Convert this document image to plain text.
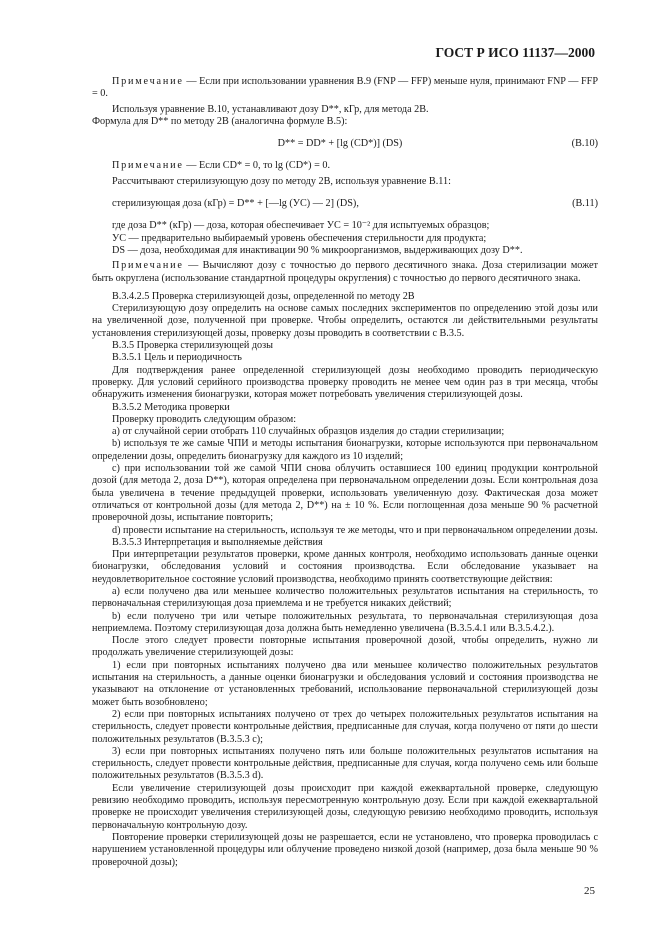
ГОСТ Р ИСО 11137—2000

Примечание — Если при использовании уравнения B.9 (FNP — FFP) меньше нуля, принимают FNP — FFP = 0.

Используя уравнение B.10, устанавливают дозу D**, кГр, для метода 2B.

Формула для D** по методу 2B (аналогична формуле B.5):

D** = DD* + [lg (CD*)] (DS)	(B.10)

Примечание — Если CD* = 0, то lg (CD*) = 0.

Рассчитывают стерилизующую дозу по методу 2B, используя уравнение B.11:

стерилизующая доза (кГр) = D** + [—lg (УС) — 2] (DS),	(B.11)

где доза D** (кГр) — доза, которая обеспечивает УС = 10⁻² для испытуемых образцов;

УС — предварительно выбираемый уровень обеспечения стерильности для продукта;

DS — доза, необходимая для инактивации 90 % микроорганизмов, выдерживающих дозу D**.

Примечание — Вычисляют дозу с точностью до первого десятичного знака. Доза стерилизации может быть округлена (использование стандартной процедуры округления) с точностью до первого десятичного знака.

B.3.4.2.5 Проверка стерилизующей дозы, определенной по методу 2B

Стерилизующую дозу определить на основе самых последних экспериментов по определению этой дозы или на увеличенной дозе, полученной при проверке. Чтобы определить, остаются ли действительными результаты установления стерилизующей дозы, проверку дозы проводить в соответствии с B.3.5.

B.3.5 Проверка стерилизующей дозы

B.3.5.1 Цель и периодичность

Для подтверждения ранее определенной стерилизующей дозы необходимо проводить периодическую проверку. Для условий серийного производства проверку проводить не менее чем один раз в три месяца, чтобы обнаружить изменения бионагрузки, которая может потребовать увеличения стерилизующей дозы.

B.3.5.2 Методика проверки

Проверку проводить следующим образом:

a) от случайной серии отобрать 110 случайных образцов изделия до стадии стерилизации;

b) используя те же самые ЧПИ и методы испытания бионагрузки, которые используются при первоначальном определении дозы, определить бионагрузку для каждого из 10 изделий;

c) при использовании той же самой ЧПИ снова облучить оставшиеся 100 единиц продукции контрольной дозой (для метода 2, доза D**), которая определена при первоначальном определении дозы. Если контрольная доза была увеличена в течение предыдущей проверки, использовать увеличенную дозу. Фактическая доза может отличаться от контрольной дозы (для метода 2, D**) на ± 10 %. Если поглощенная доза меньше 90 % расчетной проверочной дозы, испытание повторить;

d) провести испытание на стерильность, используя те же методы, что и при первоначальном определении дозы.

B.3.5.3 Интерпретация и выполняемые действия

При интерпретации результатов проверки, кроме данных контроля, необходимо использовать данные оценки бионагрузки, обследования условий и состояния производства. Если обследование указывает на неудовлетворительное состояние условий производства, необходимо принять соответствующие действия:

a) если получено два или меньшее количество положительных результатов испытания на стерильность, то первоначальная стерилизующая доза приемлема и не требуется никаких действий;

b) если получено три или четыре положительных результата, то первоначальная стерилизующая доза неприемлема. Поэтому стерилизующая доза должна быть немедленно увеличена (B.3.5.4.1 или B.3.5.4.2.).

После этого следует провести повторные испытания проверочной дозой, чтобы определить, нужно ли продолжать увеличение стерилизующей дозы:

1) если при повторных испытаниях получено два или меньшее количество положительных результатов испытания на стерильность, а данные оценки бионагрузки и обследования условий и состояния производства не указывают на отклонение от установленных требований, использование первоначальной стерилизующей дозы может быть возобновлено;

2) если при повторных испытаниях получено от трех до четырех положительных результатов испытания на стерильность, следует провести контрольные действия, предписанные для случая, когда получено от пяти до шести положительных результатов (B.3.5.3 c);

3) если при повторных испытаниях получено пять или больше положительных результатов испытания на стерильность, следует провести контрольные действия, предписанные для случая, когда получено семь или больше положительных результатов (B.3.5.3 d).

Если увеличение стерилизующей дозы происходит при каждой ежеквартальной проверке, следующую ревизию необходимо проводить, используя пересмотренную контрольную дозу. Если при каждой ежеквартальной проверке не происходит увеличения стерилизующей дозы, следующую ревизию необходимо проводить, используя первоначальную контрольную дозу.

Повторение проверки стерилизующей дозы не разрешается, если не установлено, что проверка проводилась с нарушением установленной процедуры или облучение проведено низкой дозой (например, доза была меньше 90 % проверочной дозы);

25
